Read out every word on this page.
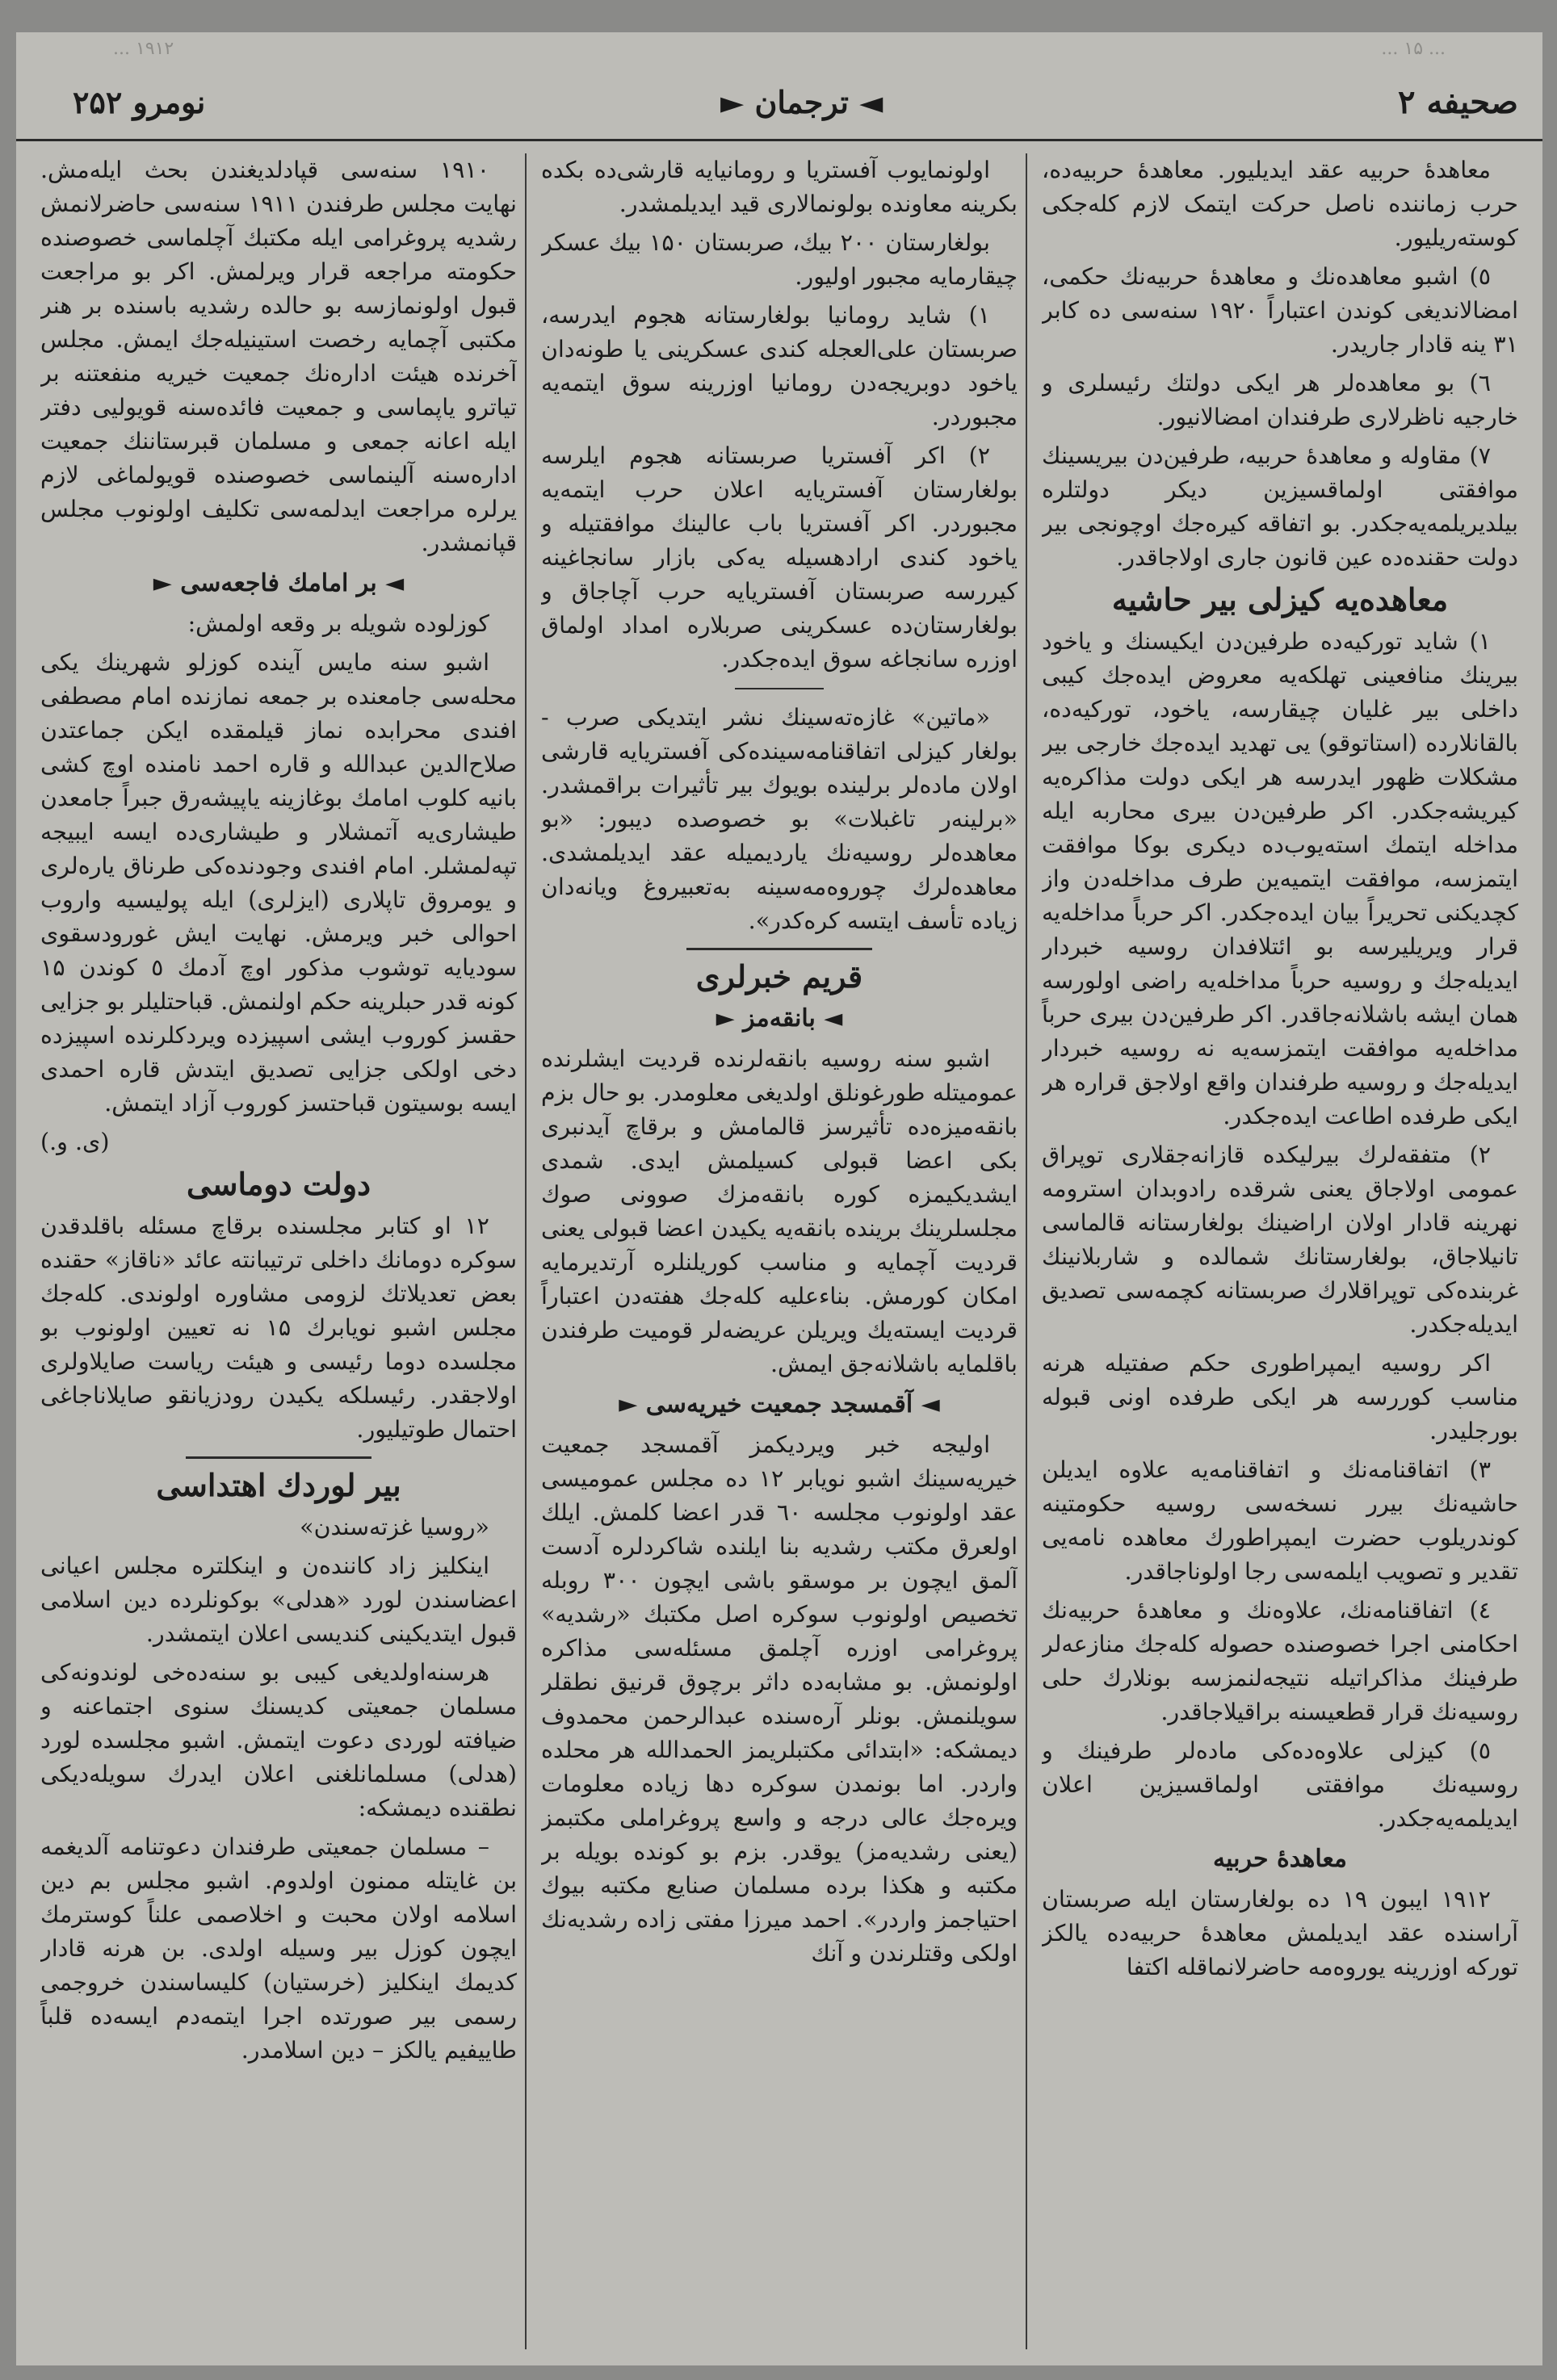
... ۱۵ ...
۱۹۱۲ ...
صحیفه ۲
◄ ترجمان ►
نومرو ۲۵۲

معاهدهٔ حربیه عقد ایدیلیور. معاهدهٔ حربیه‌ده، حرب زماننده ناصل حرکت ایتمک لازم کله‌جکی کوسته‌ریلیور.

٥) اشبو معاهده‌نك و معاهدهٔ حربیه‌نك حکمی، امضالاندیغی کوندن اعتباراً ۱۹۲۰ سنه‌سی ده کابر ۳۱ ینه قادار جاریدر.

٦) بو معاهده‌لر هر ایکی دولتك رئیسلری و خارجیه ناظرلاری طرفندان امضالانیور.

۷) مقاوله و معاهدهٔ حربیه، طرفین‌دن بیریسینك موافقتی اولماقسیزین دیکر دولتلره بیلدیریلمه‌یه‌جکدر. بو اتفاقه کیره‌جك اوچونجی بیر دولت حقنده‌ده عین قانون جاری اولاجاقدر.

معاهده‌یه کیزلی بیر حاشیه

۱) شاید تورکیه‌ده طرفین‌دن ایکیسنك و یاخود بیرینك منافعینی تهلکه‌یه معروض ایده‌جك کیبی داخلی بیر غلیان چیقارسه، یاخود، تورکیه‌ده، بالقانلارده (استاتوقو) یی تهدید ایده‌جك خارجی بیر مشکلات ظهور ایدرسه هر ایکی دولت مذاکره‌یه کیریشه‌جکدر. اکر طرفین‌دن بیری محاربه ایله مداخله ایتمك استه‌یوب‌ده دیکری بوکا موافقت ایتمزسه، موافقت ایتمیه‌ین طرف مداخله‌دن واز کچدیکنی تحریراً بیان ایده‌جکدر. اکر حرباً مداخله‌یه قرار ویریلیرسه بو ائتلافدان روسیه خبردار ایدیله‌جك و روسیه حرباً مداخله‌یه راضی اولورسه همان ایشه باشلانه‌جاقدر. اکر طرفین‌دن بیری حرباً مداخله‌یه موافقت ایتمزسه‌یه نه روسیه خبردار ایدیله‌جك و روسیه طرفندان واقع اولاجق قراره هر ایکی طرفده اطاعت ایده‌جکدر.

۲) متفقه‌لرك بیرلیکده قازانه‌جقلاری توپراق عمومی اولاجاق یعنی شرقده رادوبدان استرومه نهرینه قادار اولان اراضینك بولغارستانه قالماسی تانیلاجاق، بولغارستانك شمالده و شاربلانینك غربنده‌کی توپراقلارك صربستانه کچمه‌سی تصدیق ایدیله‌جکدر.

اکر روسیه ایمپراطوری حکم صفتیله هرنه مناسب کوررسه هر ایکی طرفده اونی قبوله بورجلیدر.

۳) اتفاقنامه‌نك و اتفاقنامه‌یه علاوه ایدیلن حاشیه‌نك بیرر نسخه‌سی روسیه حکومتینه کوندریلوب حضرت ایمپراطورك معاهده نامه‌یی تقدیر و تصویب ایلمه‌سی رجا اولوناجاقدر.

٤) اتفاقنامه‌نك، علاوه‌نك و معاهدهٔ حربیه‌نك احکامنی اجرا خصوصنده حصوله کله‌جك منازعه‌لر طرفینك مذاکراتیله نتیجه‌لنمزسه بونلارك حلی روسیه‌نك قرار قطعیسنه براقیلاجاقدر.

٥) کیزلی علاوه‌ده‌کی ماده‌لر طرفینك و روسیه‌نك موافقتی اولماقسیزین اعلان ایدیلمه‌یه‌جکدر.

معاهدهٔ حربیه

۱۹۱۲ ایبون ۱۹ ده بولغارستان ایله صربستان آراسنده عقد ایدیلمش معاهدهٔ حربیه‌ده یالکز تورکه اوزرینه یوروه‌مه حاضرلانماقله اکتفا

اولونمایوب آفستریا و رومانیایه قارشی‌ده بکده بکرینه معاونده بولونمالاری قید ایدیلمشدر.

بولغارستان ۲۰۰ بیك، صربستان ۱۵۰ بیك عسکر چیقارمایه مجبور اولیور.

۱) شاید رومانیا بولغارستانه هجوم ایدرسه، صربستان علی‌العجله کندی عسکرینی یا طونه‌دان یاخود دوبریجه‌دن رومانیا اوزرینه سوق ایتمه‌یه مجبوردر.

۲) اکر آفستریا صربستانه هجوم ایلرسه بولغارستان آفستریایه اعلان حرب ایتمه‌یه مجبوردر. اکر آفستریا باب عالینك موافقتیله و یاخود کندی ارادهسیله یه‌کی بازار سانجاغینه کیررسه صربستان آفستریایه حرب آچاجاق و بولغارستان‌ده عسکرینی صربلاره امداد اولماق اوزره سانجاغه سوق ایده‌جکدر.

«ماتین» غازه‌ته‌سینك نشر ایتدیکی صرب - بولغار کیزلی اتفاقنامه‌سینده‌کی آفستریایه قارشی اولان ماده‌لر برلینده بویوك بیر تأثیرات براقمشدر. «برلینه‌ر تاغبلات» بو خصوصده دیبور: «بو معاهده‌لر روسیه‌نك یاردیمیله عقد ایدیلمشدی. معاهده‌لرك چوروه‌مه‌سینه به‌تعبیروغ ویانه‌دان زیاده تأسف ایتسه کره‌کدر».

قریم خبرلری
◄ بانقه‌مز ►

اشبو سنه روسیه بانقه‌لرنده قردیت ایشلرنده عمومیتله طورغونلق اولدیغی معلومدر. بو حال بزم بانقه‌میزه‌ده تأثیرسز قالمامش و برقاچ آیدنبری بکی اعضا قبولی کسیلمش ایدی. شمدی ایشدیکیمزه کوره بانقه‌مزك صوونی صوك مجلسلرینك برینده بانقه‌یه یکیدن اعضا قبولی یعنی قردیت آچمایه و مناسب کوریلنلره آرتدیرمایه امکان کورمش. بناءعلیه کله‌جك هفته‌دن اعتباراً قردیت ایسته‌یك ویریلن عریضه‌لر قومیت طرفندن باقلمایه باشلانه‌جق ایمش.

◄ آقمسجد جمعیت خیریه‌سی ►

اولیجه خبر ویردیکمز آقمسجد جمعیت خیریه‌سینك اشبو نویابر ۱۲ ده مجلس عمومیسی عقد اولونوب مجلسه ٦۰ قدر اعضا کلمش. ایلك اولعرق مکتب رشدیه بنا ایلنده شاکردلره آدست آلمق ایچون بر موسقو باشی ایچون ۳۰۰ روبله تخصیص اولونوب سوکره اصل مکتبك «رشدیه» پروغرامی اوزره آچلمق مسئله‌سی مذاکره اولونمش. بو مشابه‌ده داثر برچوق قرنیق نطقلر سویلنمش. بونلر آره‌سنده عبدالرحمن محمدوف دیمشکه: «ابتدائی مکتبلریمز الحمدالله هر محلده واردر. اما بونمدن سوکره دها زیاده معلومات ویره‌جك عالی درجه و واسع پروغراملی مکتبمز (یعنی رشدیه‌مز) یوقدر. بزم بو کونده بویله بر مکتبه و هکذا برده مسلمان صنایع مکتبه بیوك احتیاجمز واردر». احمد میرزا مفتی زاده رشدیه‌نك اولکی وقتلرندن و آنك

۱۹۱۰ سنه‌سی قپادلدیغندن بحث ایله‌مش. نهایت مجلس طرفندن ۱۹۱۱ سنه‌سی حاضرلانمش رشدیه پروغرامی ایله مکتبك آچلماسی خصوصنده حکومته مراجعه قرار ویرلمش. اکر بو مراجعت قبول اولونمازسه بو حالده رشدیه باسنده بر هنر مکتبی آچمایه رخصت استینیله‌جك ایمش. مجلس آخرنده هیئت اداره‌نك جمعیت خیریه منفعتنه بر تیاترو یاپماسی و جمعیت فائده‌سنه قویولیی دفتر ایله اعانه جمعی و مسلمان قبرستاننك جمعیت اداره‌سنه آلینماسی خصوصنده قویولماغی لازم یرلره مراجعت ایدلمه‌سی تکلیف اولونوب مجلس قپانمشدر.

◄ بر امامك فاجعه‌سی ►

کوزلوده شویله بر وقعه اولمش:

اشبو سنه مایس آینده کوزلو شهرینك یکی محله‌سی جامعنده بر جمعه نمازنده امام مصطفی افندی محرابده نماز قیلمقده ایکن جماعتدن صلاح‌الدین عبدالله و قاره احمد نامنده اوچ کشی بانیه کلوب امامك بوغازینه یاپیشه‌رق جبراً جامعدن طیشاری‌یه آتمشلار و طیشاری‌ده ایسه ایبیجه تپه‌لمشلر. امام افندی وجودنده‌کی طرناق یاره‌لری و یومروق تاپلاری (ایزلری) ایله پولیسیه واروب احوالی خبر ویرمش. نهایت ایش غورودسقوی سودیایه توشوب مذکور اوچ آدمك ٥ کوندن ۱۵ کونه قدر حبلرینه حکم اولنمش. قباحتلیلر بو جزایی حقسز کوروب ایشی اسپیزده ویردکلرنده اسپیزده دخی اولکی جزایی تصدیق ایتدش قاره احمدی ایسه بوسیتون قباحتسز کوروب آزاد ایتمش.

(ی. و.)

دولت دوماسی

۱۲ او کتابر مجلسنده برقاچ مسئله باقلدقدن سوکره دومانك داخلی ترتیبانته عائد «ناقاز» حقنده بعض تعدیلاتك لزومی مشاوره اولوندی. کله‌جك مجلس اشبو نویابرك ۱۵ نه تعیین اولونوب بو مجلسده دوما رئیسی و هیئت ریاست صایلاولری اولاجقدر. رئیسلکه یکیدن رودزیانقو صایلاناجاغی احتمال طوتیلیور.

بیر لوردك اهتداسی

«روسیا غزته‌سندن»

اینکلیز زاد کاننده‌ن و اینکلتره مجلس اعیانی اعضاسندن لورد «هدلی» بوکونلرده دین اسلامی قبول ایتدیکینی کندیسی اعلان ایتمشدر.

هرسنه‌اولدیغی کیبی بو سنه‌ده‌خی لوندونه‌کی مسلمان جمعیتی کدیسنك سنوی اجتماعنه و ضیافته لوردی دعوت ایتمش. اشبو مجلسده لورد (هدلی) مسلمانلغنی اعلان ایدرك سویله‌دیکی نطقنده دیمشکه:

– مسلمان جمعیتی طرفندان دعوتنامه آلدیغمه بن غایتله ممنون اولدوم. اشبو مجلس بم دین اسلامه اولان محبت و اخلاصمی علناً کوسترمك ایچون کوزل بیر وسیله اولدی. بن هرنه قادار کدیمك اینکلیز (خرستیان) کلیساسندن خروجمی رسمی بیر صورتده اجرا ایتمه‌دم ایسه‌ده قلباً طاییفیم یالکز – دین اسلامدر.
